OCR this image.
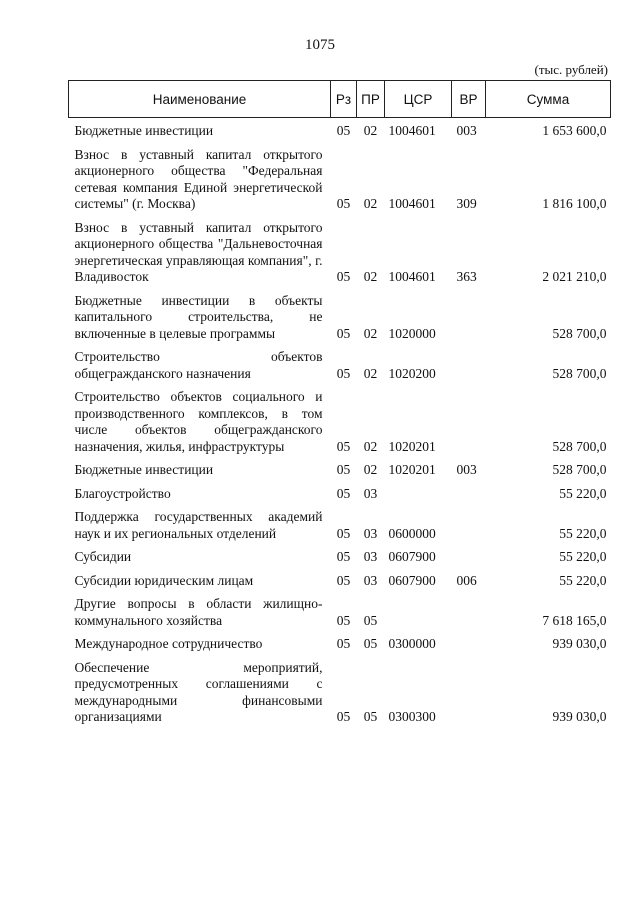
1075
(тыс. рублей)
Наименование	Рз	ПР	ЦСР	ВР	Сумма
Бюджетные инвестиции	05	02	1004601	003	1 653 600,0
Взнос в уставный капитал открытого акционерного общества "Федеральная сетевая компания Единой энергетической системы" (г. Москва)	05	02	1004601	309	1 816 100,0
Взнос в уставный капитал открытого акционерного общества "Дальневосточная энергетическая управляющая компания", г. Владивосток	05	02	1004601	363	2 021 210,0
Бюджетные инвестиции в объекты капитального строительства, не включенные в целевые программы	05	02	1020000		528 700,0
Строительство объектов общегражданского назначения	05	02	1020200		528 700,0
Строительство объектов социального и производственного комплексов, в том числе объектов общегражданского назначения, жилья, инфраструктуры	05	02	1020201		528 700,0
Бюджетные инвестиции	05	02	1020201	003	528 700,0
Благоустройство	05	03			55 220,0
Поддержка государственных академий наук и их региональных отделений	05	03	0600000		55 220,0
Субсидии	05	03	0607900		55 220,0
Субсидии юридическим лицам	05	03	0607900	006	55 220,0
Другие вопросы в области жилищно-коммунального хозяйства	05	05			7 618 165,0
Международное сотрудничество	05	05	0300000		939 030,0
Обеспечение мероприятий, предусмотренных соглашениями с международными финансовыми организациями	05	05	0300300		939 030,0
